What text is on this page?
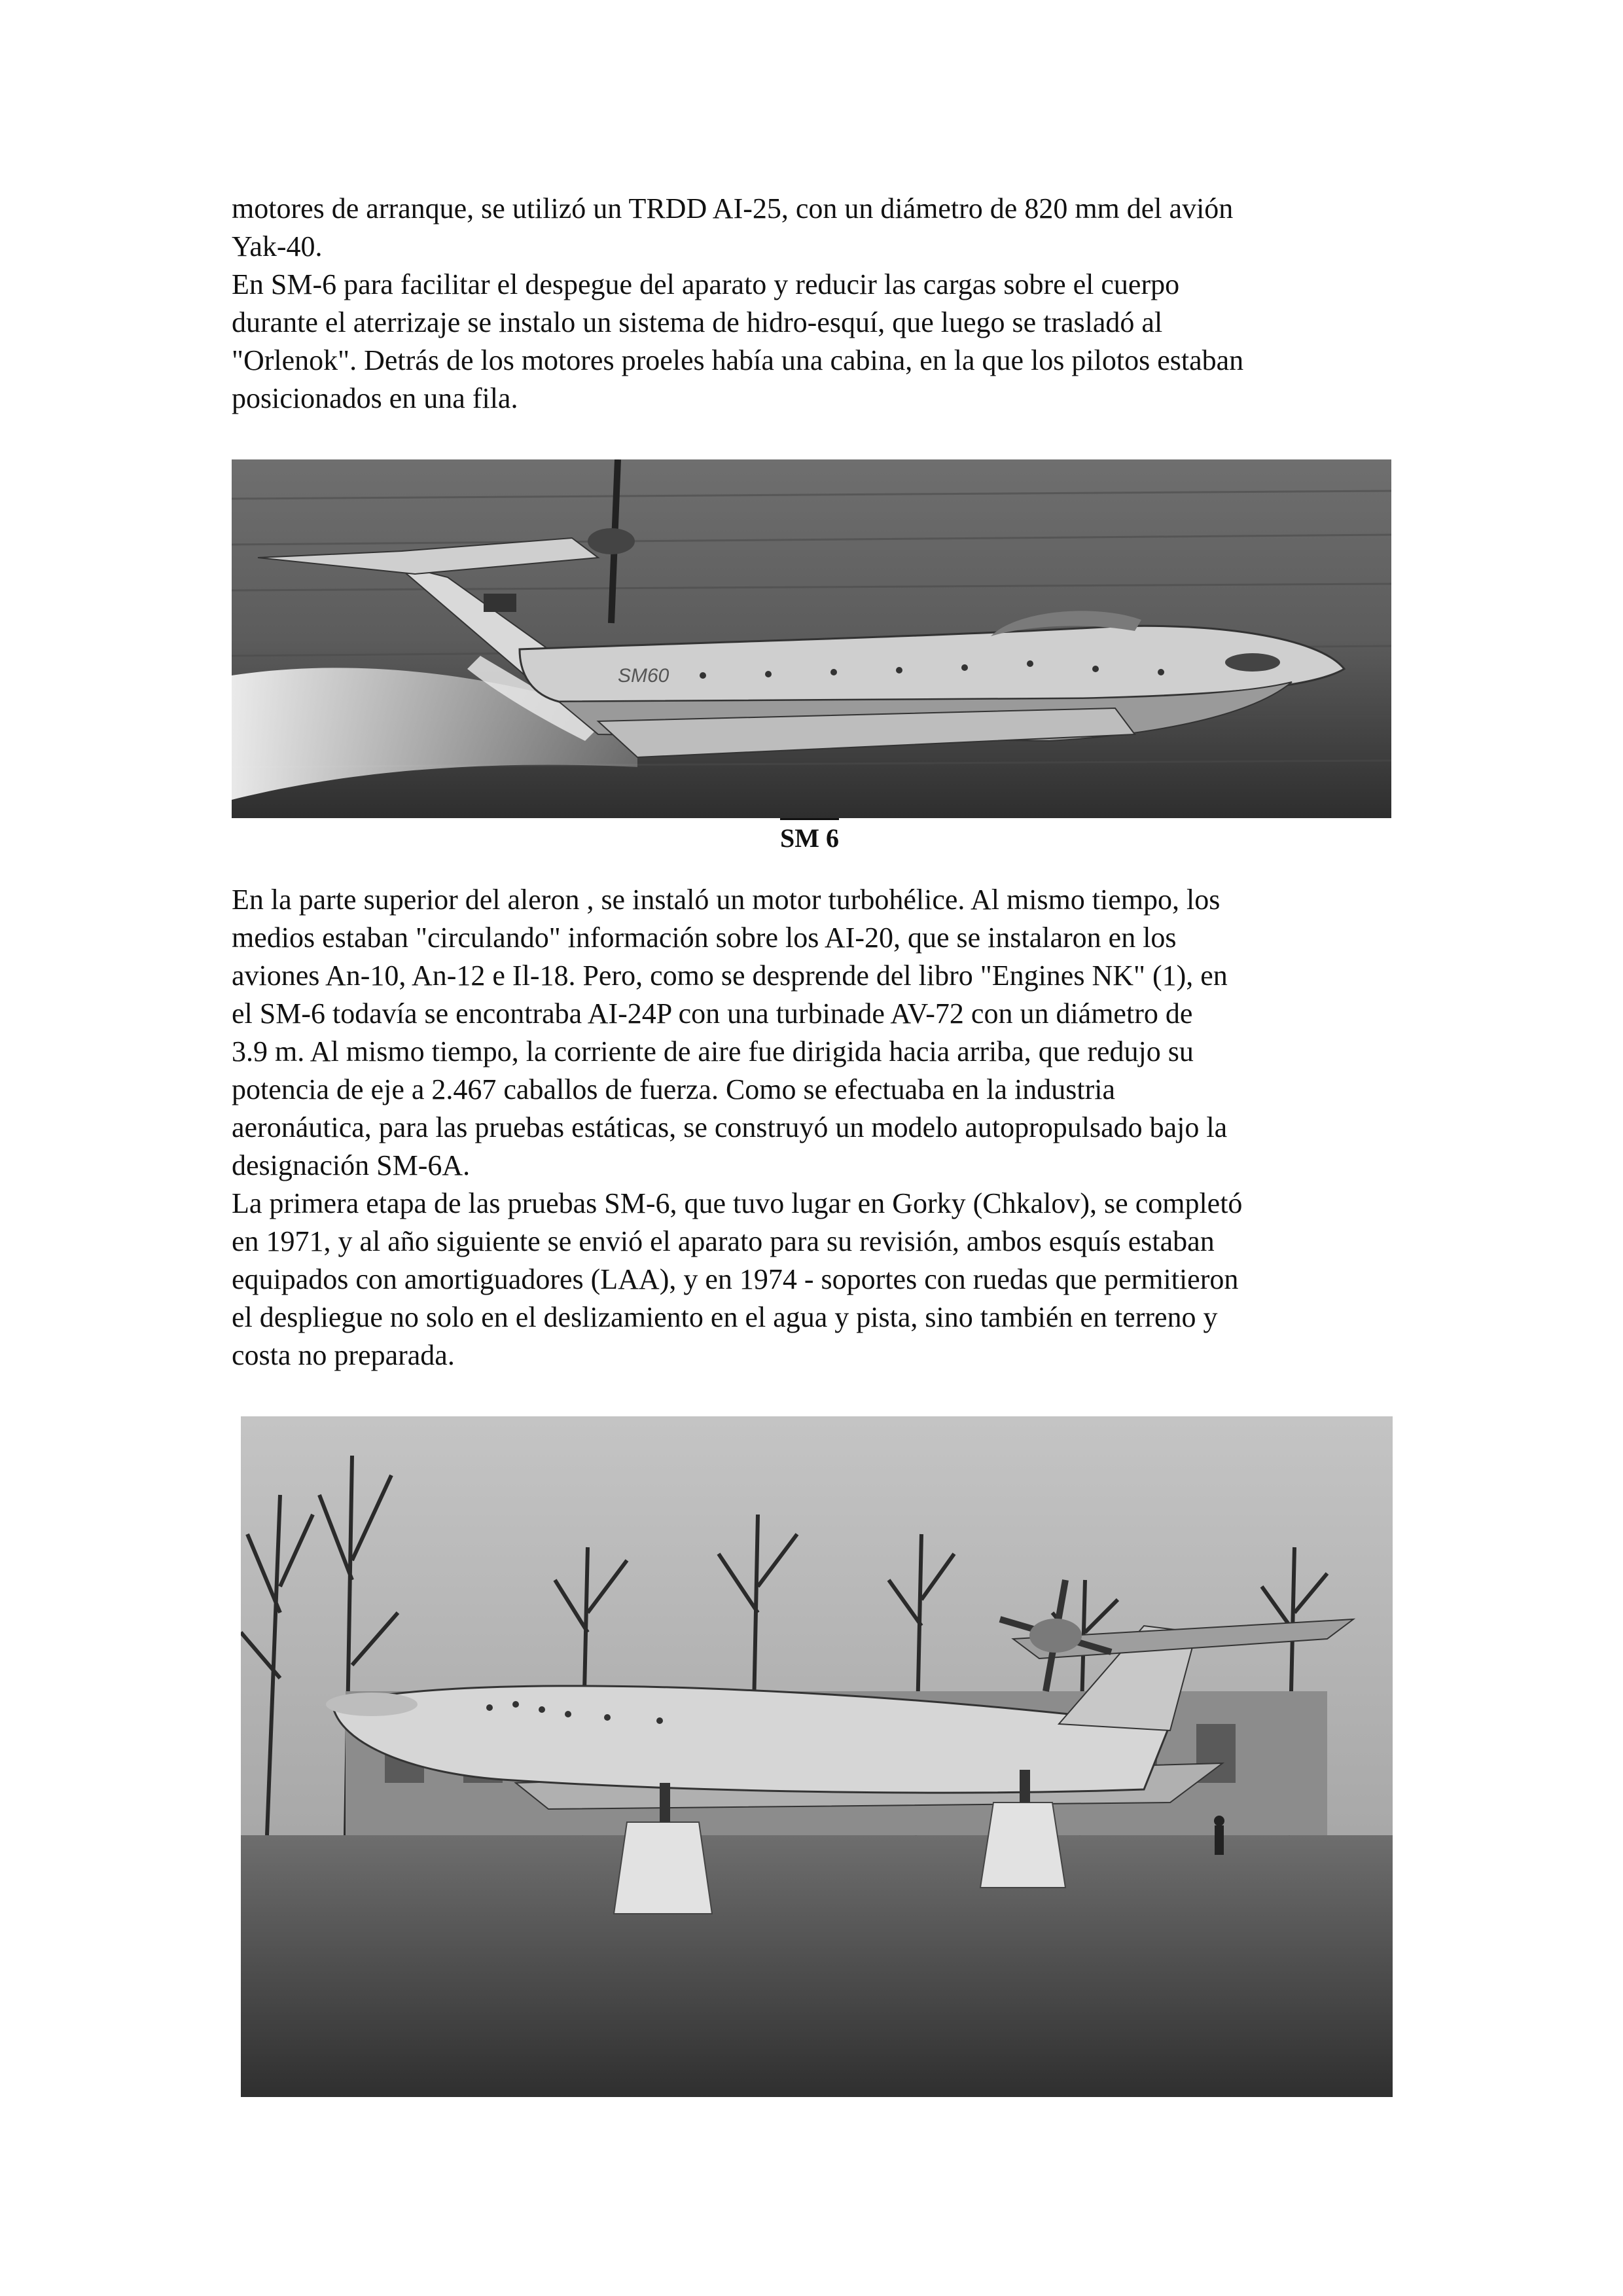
motores de arranque, se utilizó un TRDD AI-25, con un diámetro de 820 mm del avión
Yak-40.
En SM-6 para facilitar el despegue del aparato y reducir las cargas sobre el cuerpo
durante el aterrizaje se instalo un sistema de hidro-esquí, que luego se trasladó al
"Orlenok". Detrás de los motores proeles había una cabina, en la que los pilotos estaban
posicionados en una fila.
SM60
SM 6
En la parte superior del aleron , se instaló un motor turbohélice. Al mismo tiempo, los
medios estaban "circulando" información sobre los AI-20, que se instalaron en los
aviones An-10, An-12 e Il-18. Pero, como se desprende del libro "Engines NK" (1), en
el SM-6 todavía se encontraba AI-24P con una turbinade AV-72 con un diámetro de
3.9 m. Al mismo tiempo, la corriente de aire fue dirigida hacia arriba, que redujo su
potencia de eje a 2.467 caballos de fuerza. Como se efectuaba en la industria
aeronáutica, para las pruebas estáticas, se construyó un modelo autopropulsado bajo la
designación SM-6A.
La primera etapa de las pruebas SM-6, que tuvo lugar en Gorky (Chkalov), se completó
en 1971, y al año siguiente se envió el aparato para su revisión, ambos esquís estaban
equipados con amortiguadores (LAA), y en 1974 - soportes con ruedas que permitieron
el despliegue no solo en el deslizamiento en el agua y pista, sino también en terreno y
costa no preparada.
